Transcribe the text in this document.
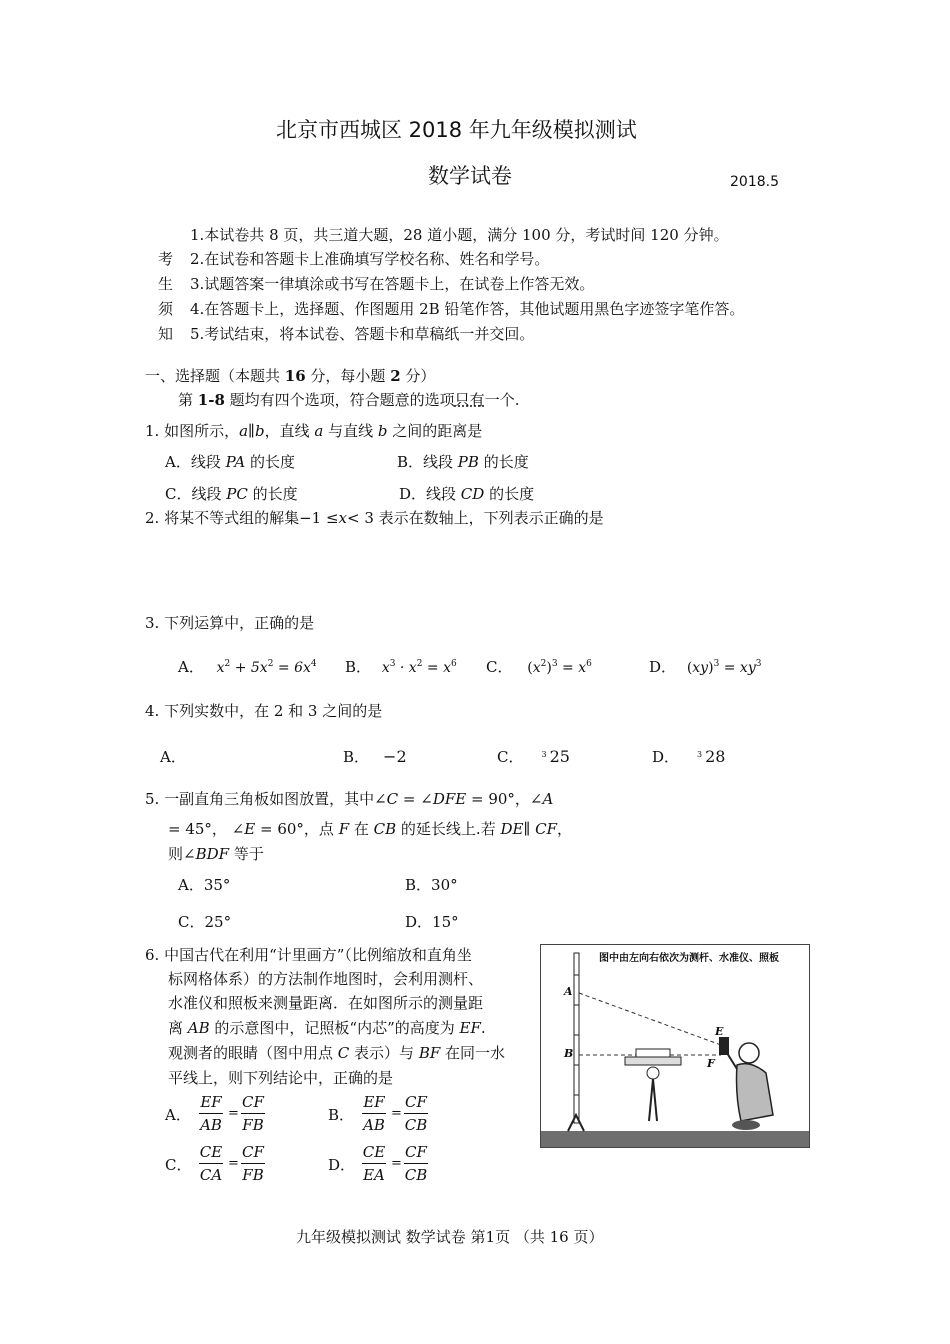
北京市西城区 2018 年九年级模拟测试
数学试卷	2018.5
考
生
须
知
1.本试卷共 8 页，共三道大题，28 道小题，满分 100 分，考试时间 120 分钟。
2.在试卷和答题卡上准确填写学校名称、姓名和学号。
3.试题答案一律填涂或书写在答题卡上，在试卷上作答无效。
4.在答题卡上，选择题、作图题用 2B 铅笔作答，其他试题用黑色字迹签字笔作答。
5.考试结束，将本试卷、答题卡和草稿纸一并交回。
一、选择题（本题共 16 分，每小题 2 分）
第 1-8 题均有四个选项，符合题意的选项只有一个.
1. 如图所示，a∥b，直线 a 与直线 b 之间的距离是
A．线段 PA 的长度	B．线段 PB 的长度
C．线段 PC 的长度	D．线段 CD 的长度
2. 将某不等式组的解集−1 ≤x< 3 表示在数轴上，下列表示正确的是
3. 下列运算中，正确的是
A． $x^2 + 5x^2 = 6x^4$ B． $x^3 \cdot x^2 = x^6$ C． $(x^2)^3 = x^6$	D． $(xy)^3 = xy^3$
4. 下列实数中，在 2 和 3 之间的是
A．	B． −2	C． $^3$ 25	D． $^3$ 28
5. 一副直角三角板如图放置，其中∠C = ∠DFE = 90°，∠A
= 45°， ∠E = 60°，点 F 在 CB 的延长线上.若 DE∥ CF，
则∠BDF 等于
A．35°	B．30°
C．25°	D．15°
6. 中国古代在利用“计里画方”（比例缩放和直角坐
标网格体系）的方法制作地图时，会利用测杆、
水准仪和照板来测量距离．在如图所示的测量距
离 AB 的示意图中，记照板“内芯”的高度为 EF.
观测者的眼睛（图中用点 C 表示）与 BF 在同一水
平线上，则下列结论中，正确的是
A．
EF
AB
=
CF
FB
B．
EF
AB
=
CF
CB
C．
CE
CA
=
CF
FB
D．
CE
EA
=
CF
CB
图中由左向右依次为测杆、水准仪、照板
A
B
E
F
九年级模拟测试 数学试卷 第1页 （共 16 页）
